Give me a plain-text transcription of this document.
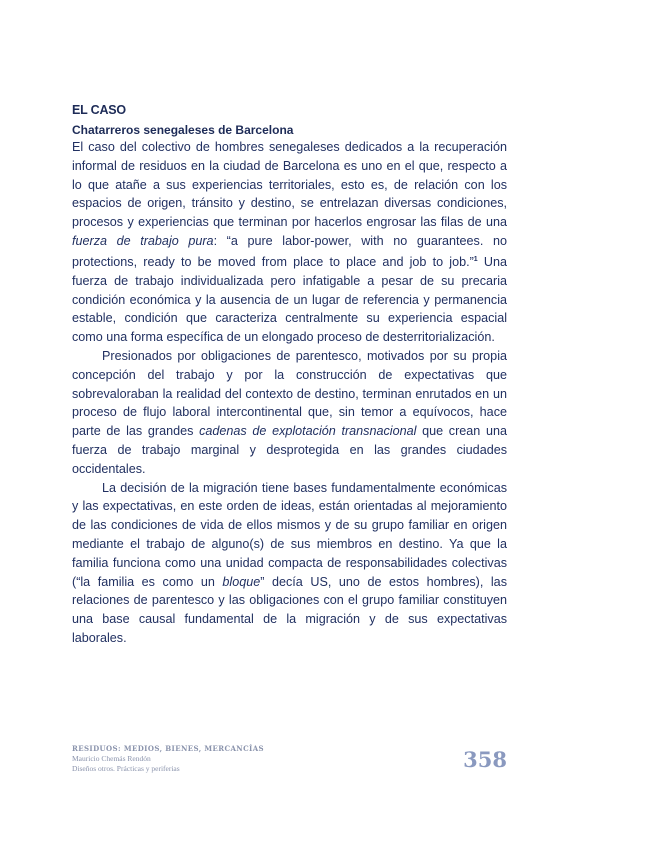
EL CASO
Chatarreros senegaleses de Barcelona

El caso del colectivo de hombres senegaleses dedicados a la recuperación informal de residuos en la ciudad de Barcelona es uno en el que, respecto a lo que atañe a sus experiencias territoriales, esto es, de relación con los espacios de origen, tránsito y destino, se entrelazan diversas condiciones, procesos y experiencias que terminan por hacerlos engrosar las filas de una fuerza de trabajo pura: “a pure labor-power, with no guarantees. no protections, ready to be moved from place to place and job to job.”$^1$ Una fuerza de trabajo individualizada pero infatigable a pesar de su precaria condición económica y la ausencia de un lugar de referencia y permanencia estable, condición que caracteriza centralmente su experiencia espacial como una forma específica de un elongado proceso de desterritorialización.

Presionados por obligaciones de parentesco, motivados por su propia concepción del trabajo y por la construcción de expectativas que sobrevaloraban la realidad del contexto de destino, terminan enrutados en un proceso de flujo laboral intercontinental que, sin temor a equívocos, hace parte de las grandes cadenas de explotación transnacional que crean una fuerza de trabajo marginal y desprotegida en las grandes ciudades occidentales.

La decisión de la migración tiene bases fundamentalmente económicas y las expectativas, en este orden de ideas, están orientadas al mejoramiento de las condiciones de vida de ellos mismos y de su grupo familiar en origen mediante el trabajo de alguno(s) de sus miembros en destino. Ya que la familia funciona como una unidad compacta de responsabilidades colectivas (“la familia es como un bloque” decía US, uno de estos hombres), las relaciones de parentesco y las obligaciones con el grupo familiar constituyen una base causal fundamental de la migración y de sus expectativas laborales.

RESIDUOS: MEDIOS, BIENES, MERCANCÍAS
Mauricio Chemás Rendón
Diseños otros. Prácticas y periferias	358
